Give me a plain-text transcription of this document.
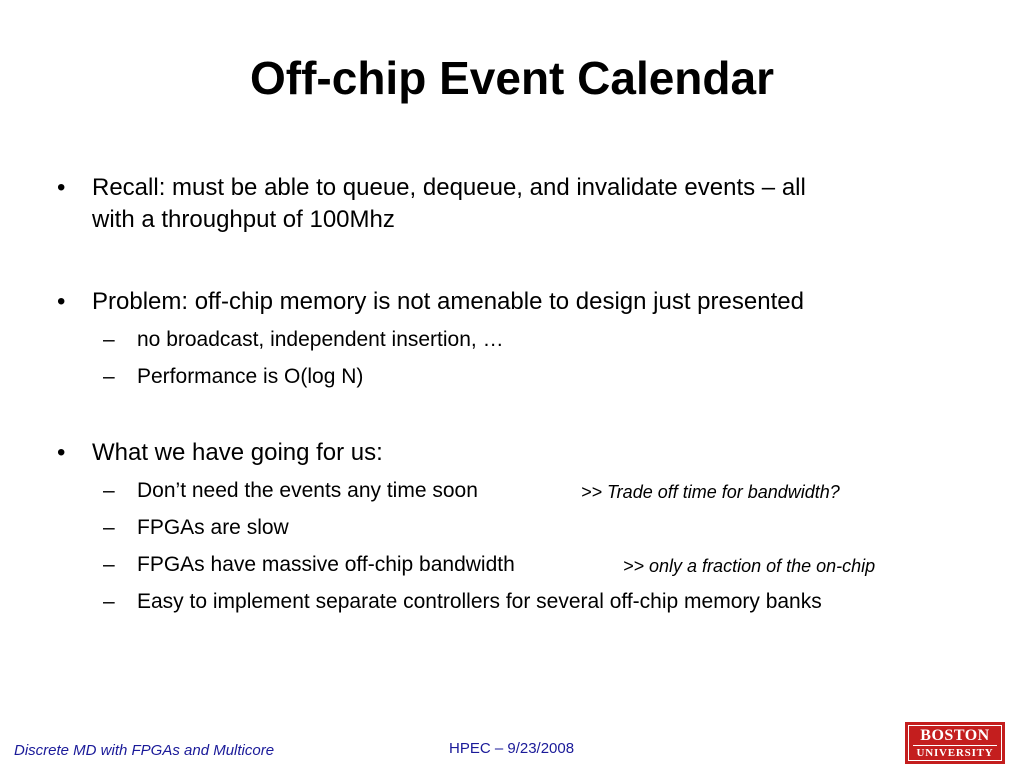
Off-chip Event Calendar
• Recall: must be able to queue, dequeue, and invalidate events – all
with a throughput of 100Mhz
• Problem: off-chip memory is not amenable to design just presented
– no broadcast, independent insertion, …
– Performance is O(log N)
• What we have going for us:
– Don’t need the events any time soon	>> Trade off time for bandwidth?
– FPGAs are slow
– FPGAs have massive off-chip bandwidth	>> only a fraction of the on-chip
– Easy to implement separate controllers for several off-chip memory banks
Discrete MD with FPGAs and Multicore	HPEC – 9/23/2008
BOSTON
UNIVERSITY
